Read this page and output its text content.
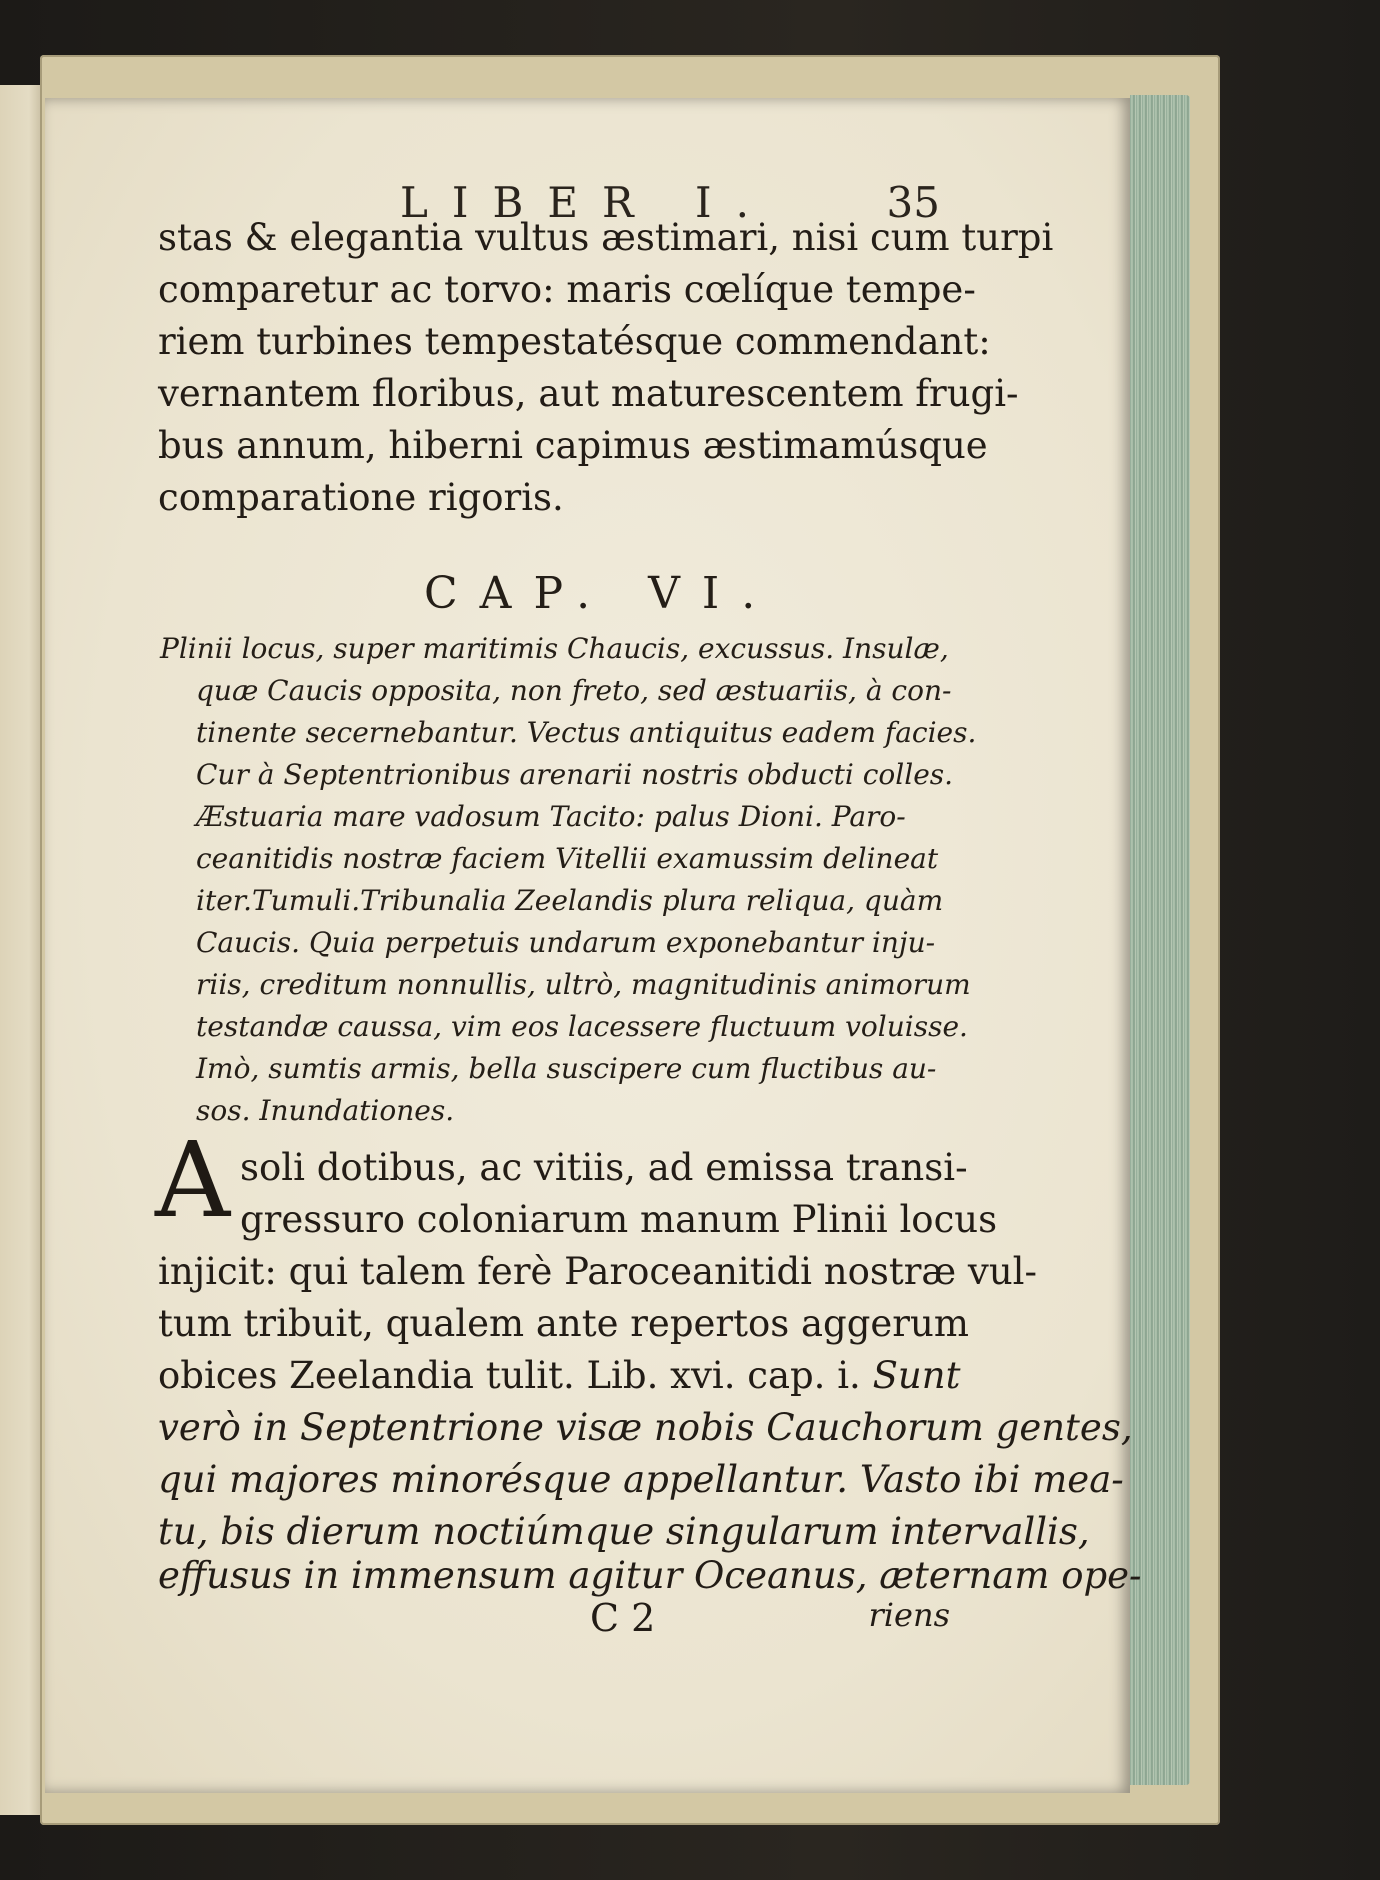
LIBER I.	35
stas & elegantia vultus æstimari, nisi cum turpi
comparetur ac torvo: maris cœlíque tempe-
riem turbines tempestatésque commendant:
vernantem floribus, aut maturescentem frugi-
bus annum, hiberni capimus æstimamúsque
comparatione rigoris.
CAP. VI.
Plinii locus, super maritimis Chaucis, excussus. Insulæ,
quæ Caucis opposita, non freto, sed æstuariis, à con-
tinente secernebantur. Vectus antiquitus eadem facies.
Cur à Septentrionibus arenarii nostris obducti colles.
Æstuaria mare vadosum Tacito: palus Dioni. Paro-
ceanitidis nostræ faciem Vitellii examussim delineat
iter.Tumuli.Tribunalia Zeelandis plura reliqua, quàm
Caucis. Quia perpetuis undarum exponebantur inju-
riis, creditum nonnullis, ultrò, magnitudinis animorum
testandæ caussa, vim eos lacessere fluctuum voluisse.
Imò, sumtis armis, bella suscipere cum fluctibus au-
sos. Inundationes.
A soli dotibus, ac vitiis, ad emissa transi-
gressuro coloniarum manum Plinii locus
injicit: qui talem ferè Paroceanitidi nostræ vul-
tum tribuit, qualem ante repertos aggerum
obices Zeelandia tulit. Lib. xvi. cap. i. Sunt
verò in Septentrione visæ nobis Cauchorum gentes,
qui majores minorésque appellantur. Vasto ibi mea-
tu, bis dierum noctiúmque singularum intervallis,
effusus in immensum agitur Oceanus, æternam ope-
C 2	riens
